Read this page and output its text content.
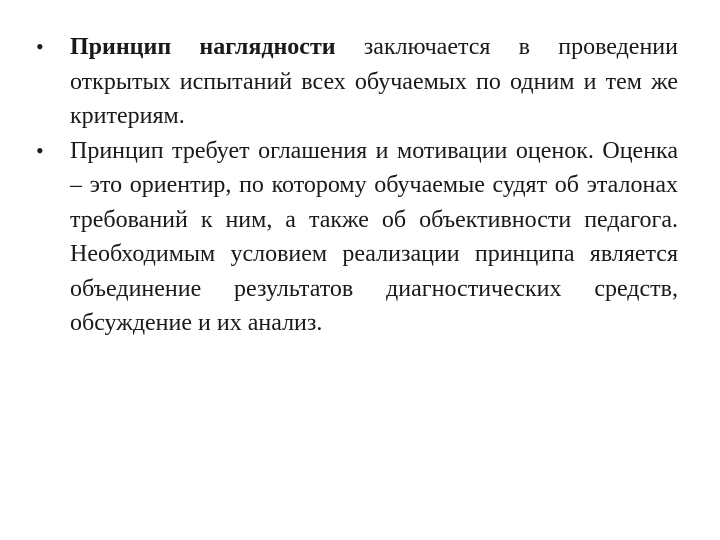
• Принцип наглядности заключается в проведении открытых испытаний всех обучаемых по одним и тем же критериям.
• Принцип требует оглашения и мотивации оценок. Оценка – это ориентир, по которому обучаемые судят об эталонах требований к ним, а также об объективности педагога. Необходимым условием реализации принципа является объединение результатов диагностических средств, обсуждение и их анализ.
